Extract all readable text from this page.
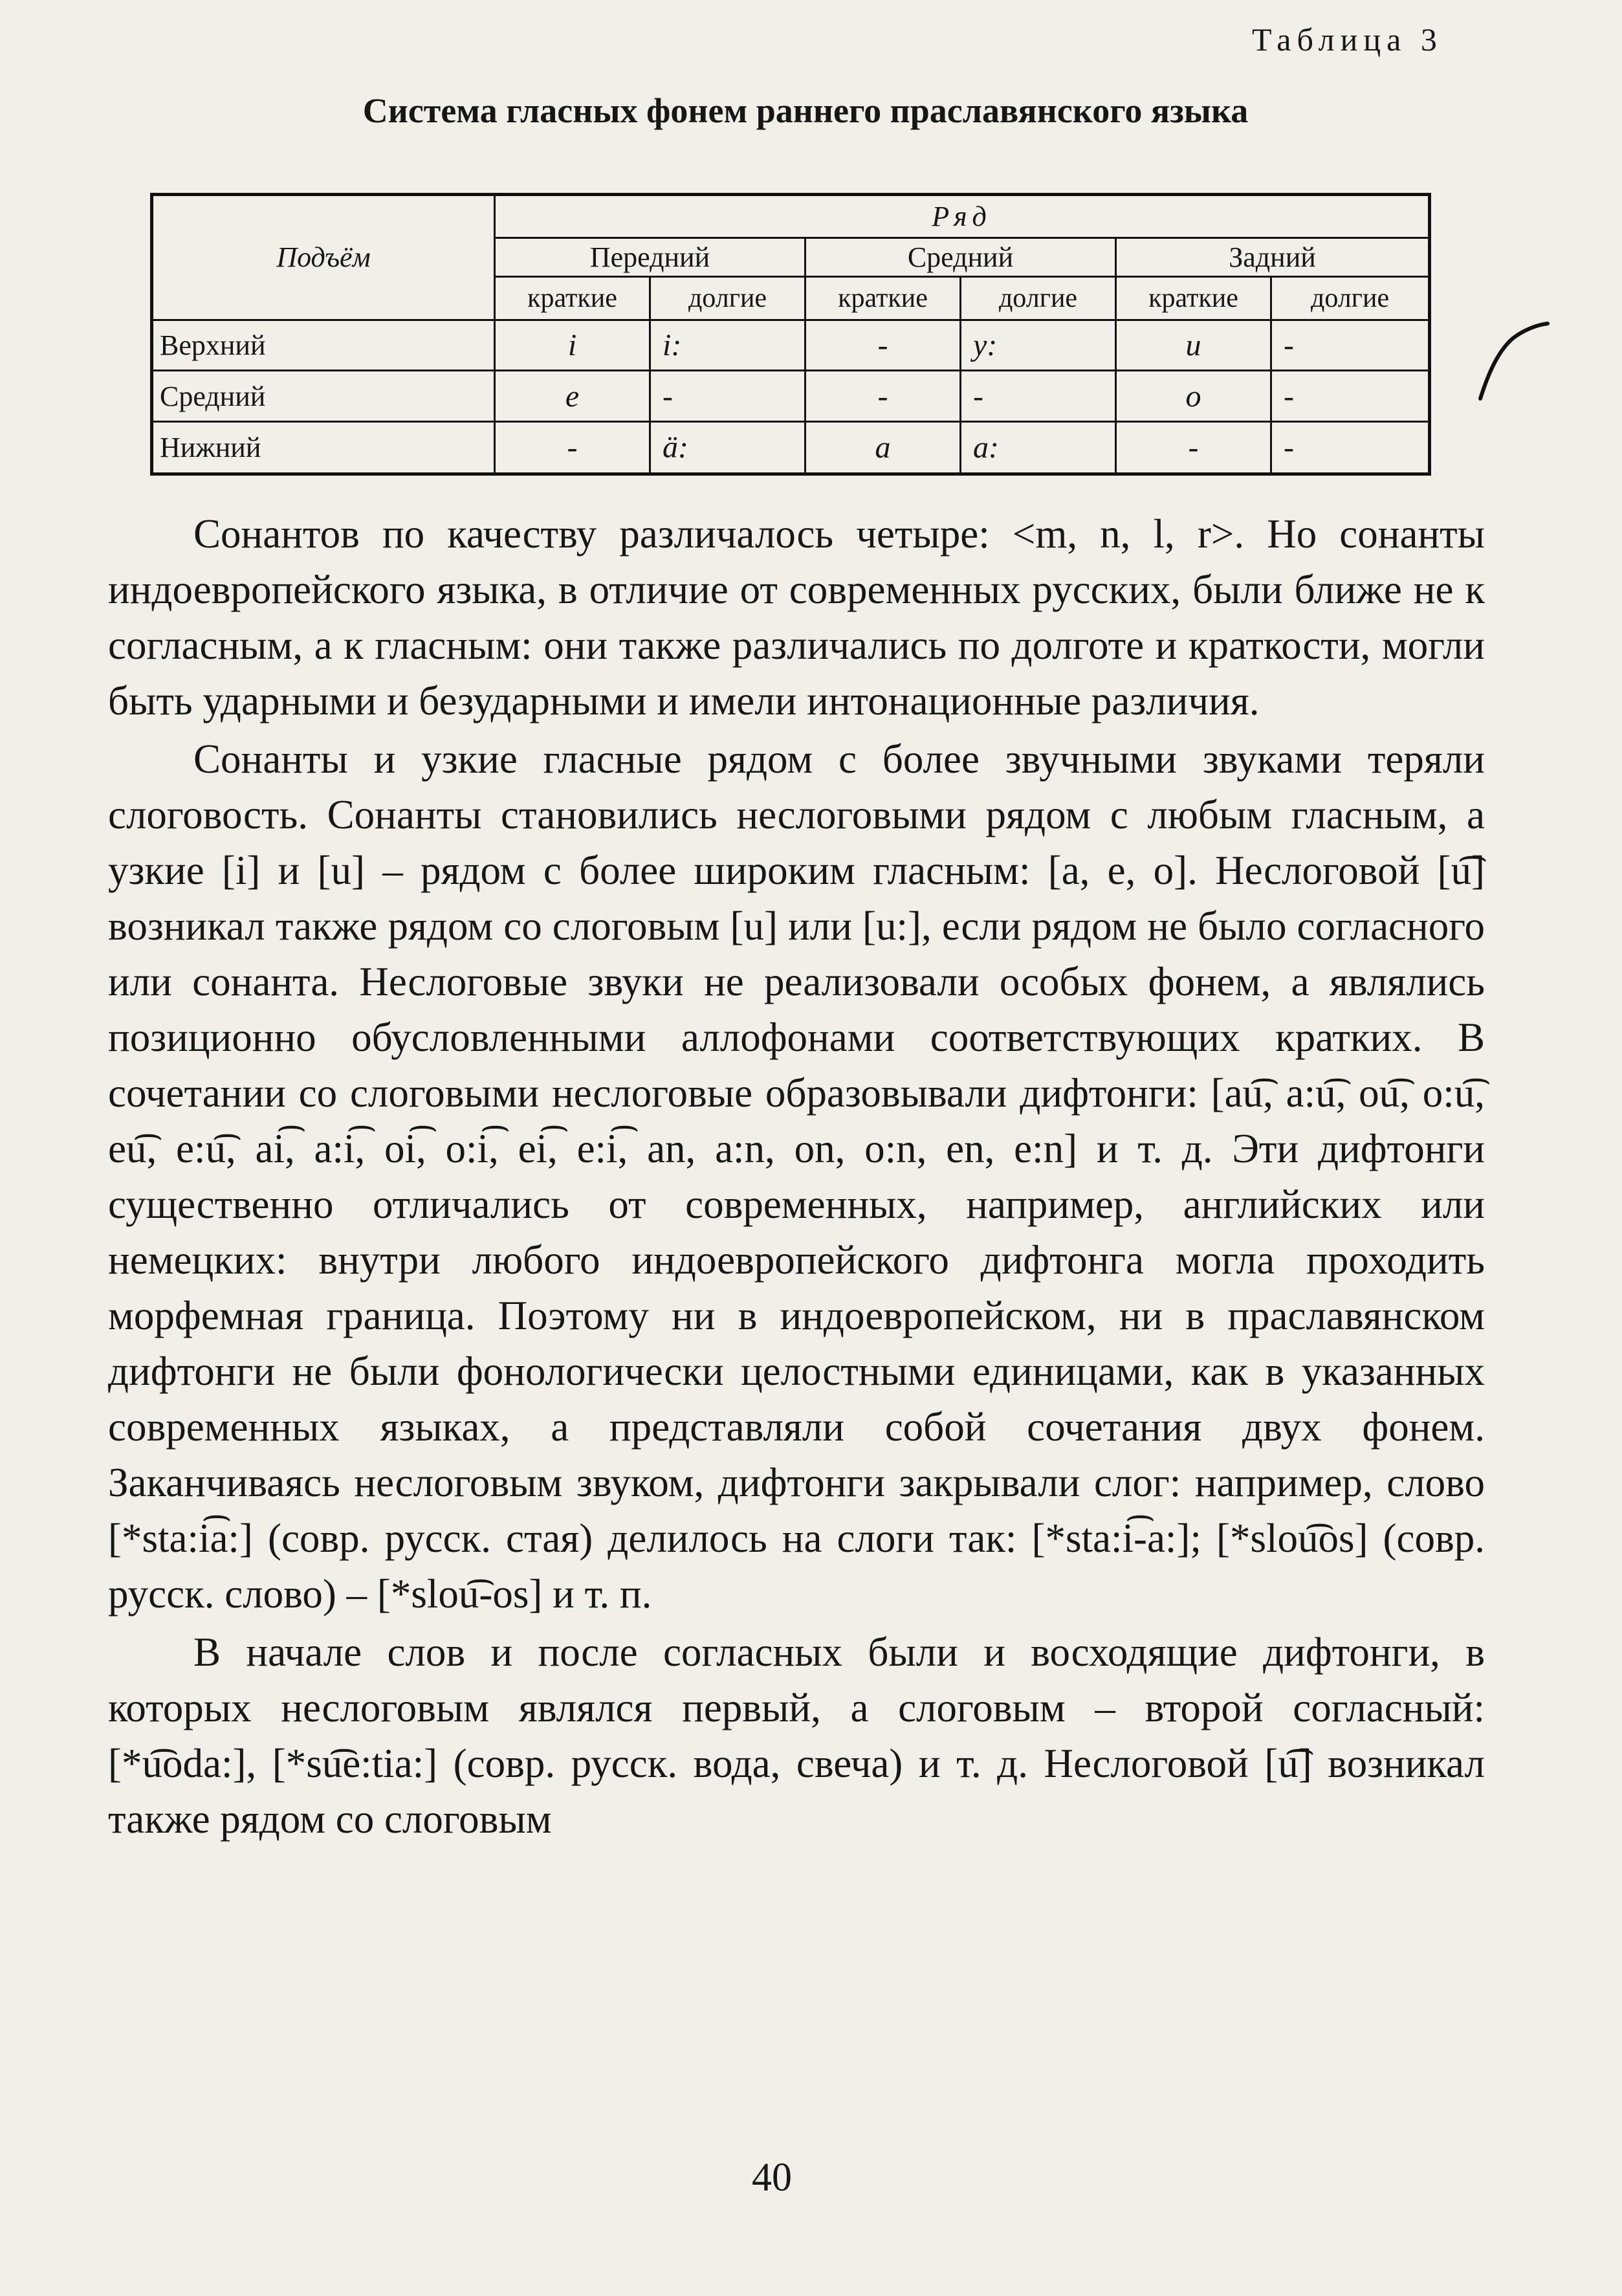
Таблица 3
Система гласных фонем раннего праславянского языка
Подъём	Ряд					
	Передний		Средний		Задний	
	краткие	долгие	краткие	долгие	краткие	долгие
Верхний	i	i:	-	y:	u	-
Средний	e	-	-	-	o	-
Нижний	-	ä:	a	a:	-	-

Сонантов по качеству различалось четыре: <m, n, l, r>. Но сонанты индоевропейского языка, в отличие от современных русских, были ближе не к согласным, а к гласным: они также различались по долготе и краткости, могли быть ударными и безударными и имели интонационные различия.

Сонанты и узкие гласные рядом с более звучными звуками теряли слоговость. Сонанты становились неслоговыми рядом с любым гласным, а узкие [i] и [u] – рядом с более широким гласным: [a, e, o]. Неслоговой [u͡] возникал также рядом со слоговым [u] или [u:], если рядом не было согласного или сонанта. Неслоговые звуки не реализовали особых фонем, а являлись позиционно обусловленными аллофонами соответствующих кратких. В сочетании со слоговыми неслоговые образовывали дифтонги: [au͡, a:u͡, ou͡, o:u͡, eu͡, e:u͡, ai͡, a:i͡, oi͡, o:i͡, ei͡, e:i͡, an, a:n, on, o:n, en, e:n] и т. д. Эти дифтонги существенно отличались от современных, например, английских или немецких: внутри любого индоевропейского дифтонга могла проходить морфемная граница. Поэтому ни в индоевропейском, ни в праславянском дифтонги не были фонологически целостными единицами, как в указанных современных языках, а представляли собой сочетания двух фонем. Заканчиваясь неслоговым звуком, дифтонги закрывали слог: например, слово [*sta:i͡a:] (совр. русск. стая) делилось на слоги так: [*sta:i͡-a:]; [*slou͡os] (совр. русск. слово) – [*slou͡-os] и т. п.

В начале слов и после согласных были и восходящие дифтонги, в которых неслоговым являлся первый, а слоговым – второй согласный: [*u͡oda:], [*su͡e:tia:] (совр. русск. вода, свеча) и т. д. Неслоговой [u͡] возникал также рядом со слоговым

40
